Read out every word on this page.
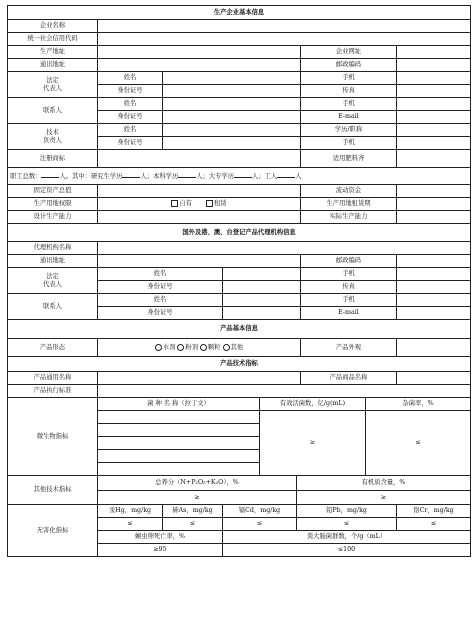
生产企业基本信息								
企业名称								
统一社会信用代码								
生产地址						企业网址		
通讯地址						邮政编码		
法定
代表人	姓名					手机		
	身份证号					传真		
联系人	姓名					手机		
	身份证号					E-mail		
技术
负责人	姓名					学历/职称		
	身份证号					手机		
注册商标						适用肥料齐		
职工总数： 人。其中：研究生学历 人；本科学历 人；大专学历 人；工人 人								
固定资产总值						流动资金		
生产用地权限	自有 租赁					生产用地租赁期		
设计生产能力						实际生产能力		
国外及港、澳、台登记产品代理机构信息								
代理机构名称								
通讯地址						邮政编码		
法定
代表人	姓名					手机		
	身份证号					传真		
联系人	姓名					手机		
	身份证号					E-mail		
产品基本信息								
产品形态	水剂 粉剂 颗粒 其他					产品外观		
产品技术指标								
产品通用名称						产品商品名称		
产品执行标准								
微生物指标	菌 种 名 称（拉丁文）			有效活菌数，亿/g(mL)			杂菌率，%	
				≥			≤	

其他技术指标	总养分（N+P₂O₅+K₂O），%				有机质含量，%			
	≥				≥			
无害化指标	汞Hg，mg/kg	砷As，mg/kg	镉Cd，mg/kg		铅Pb，mg/kg			铬Cr，mg/kg
	≤	≤	≤		≤			≤
	蛔虫卵死亡率，%		粪大肠菌群数，个/g（mL）					
	≥95		≤100					
